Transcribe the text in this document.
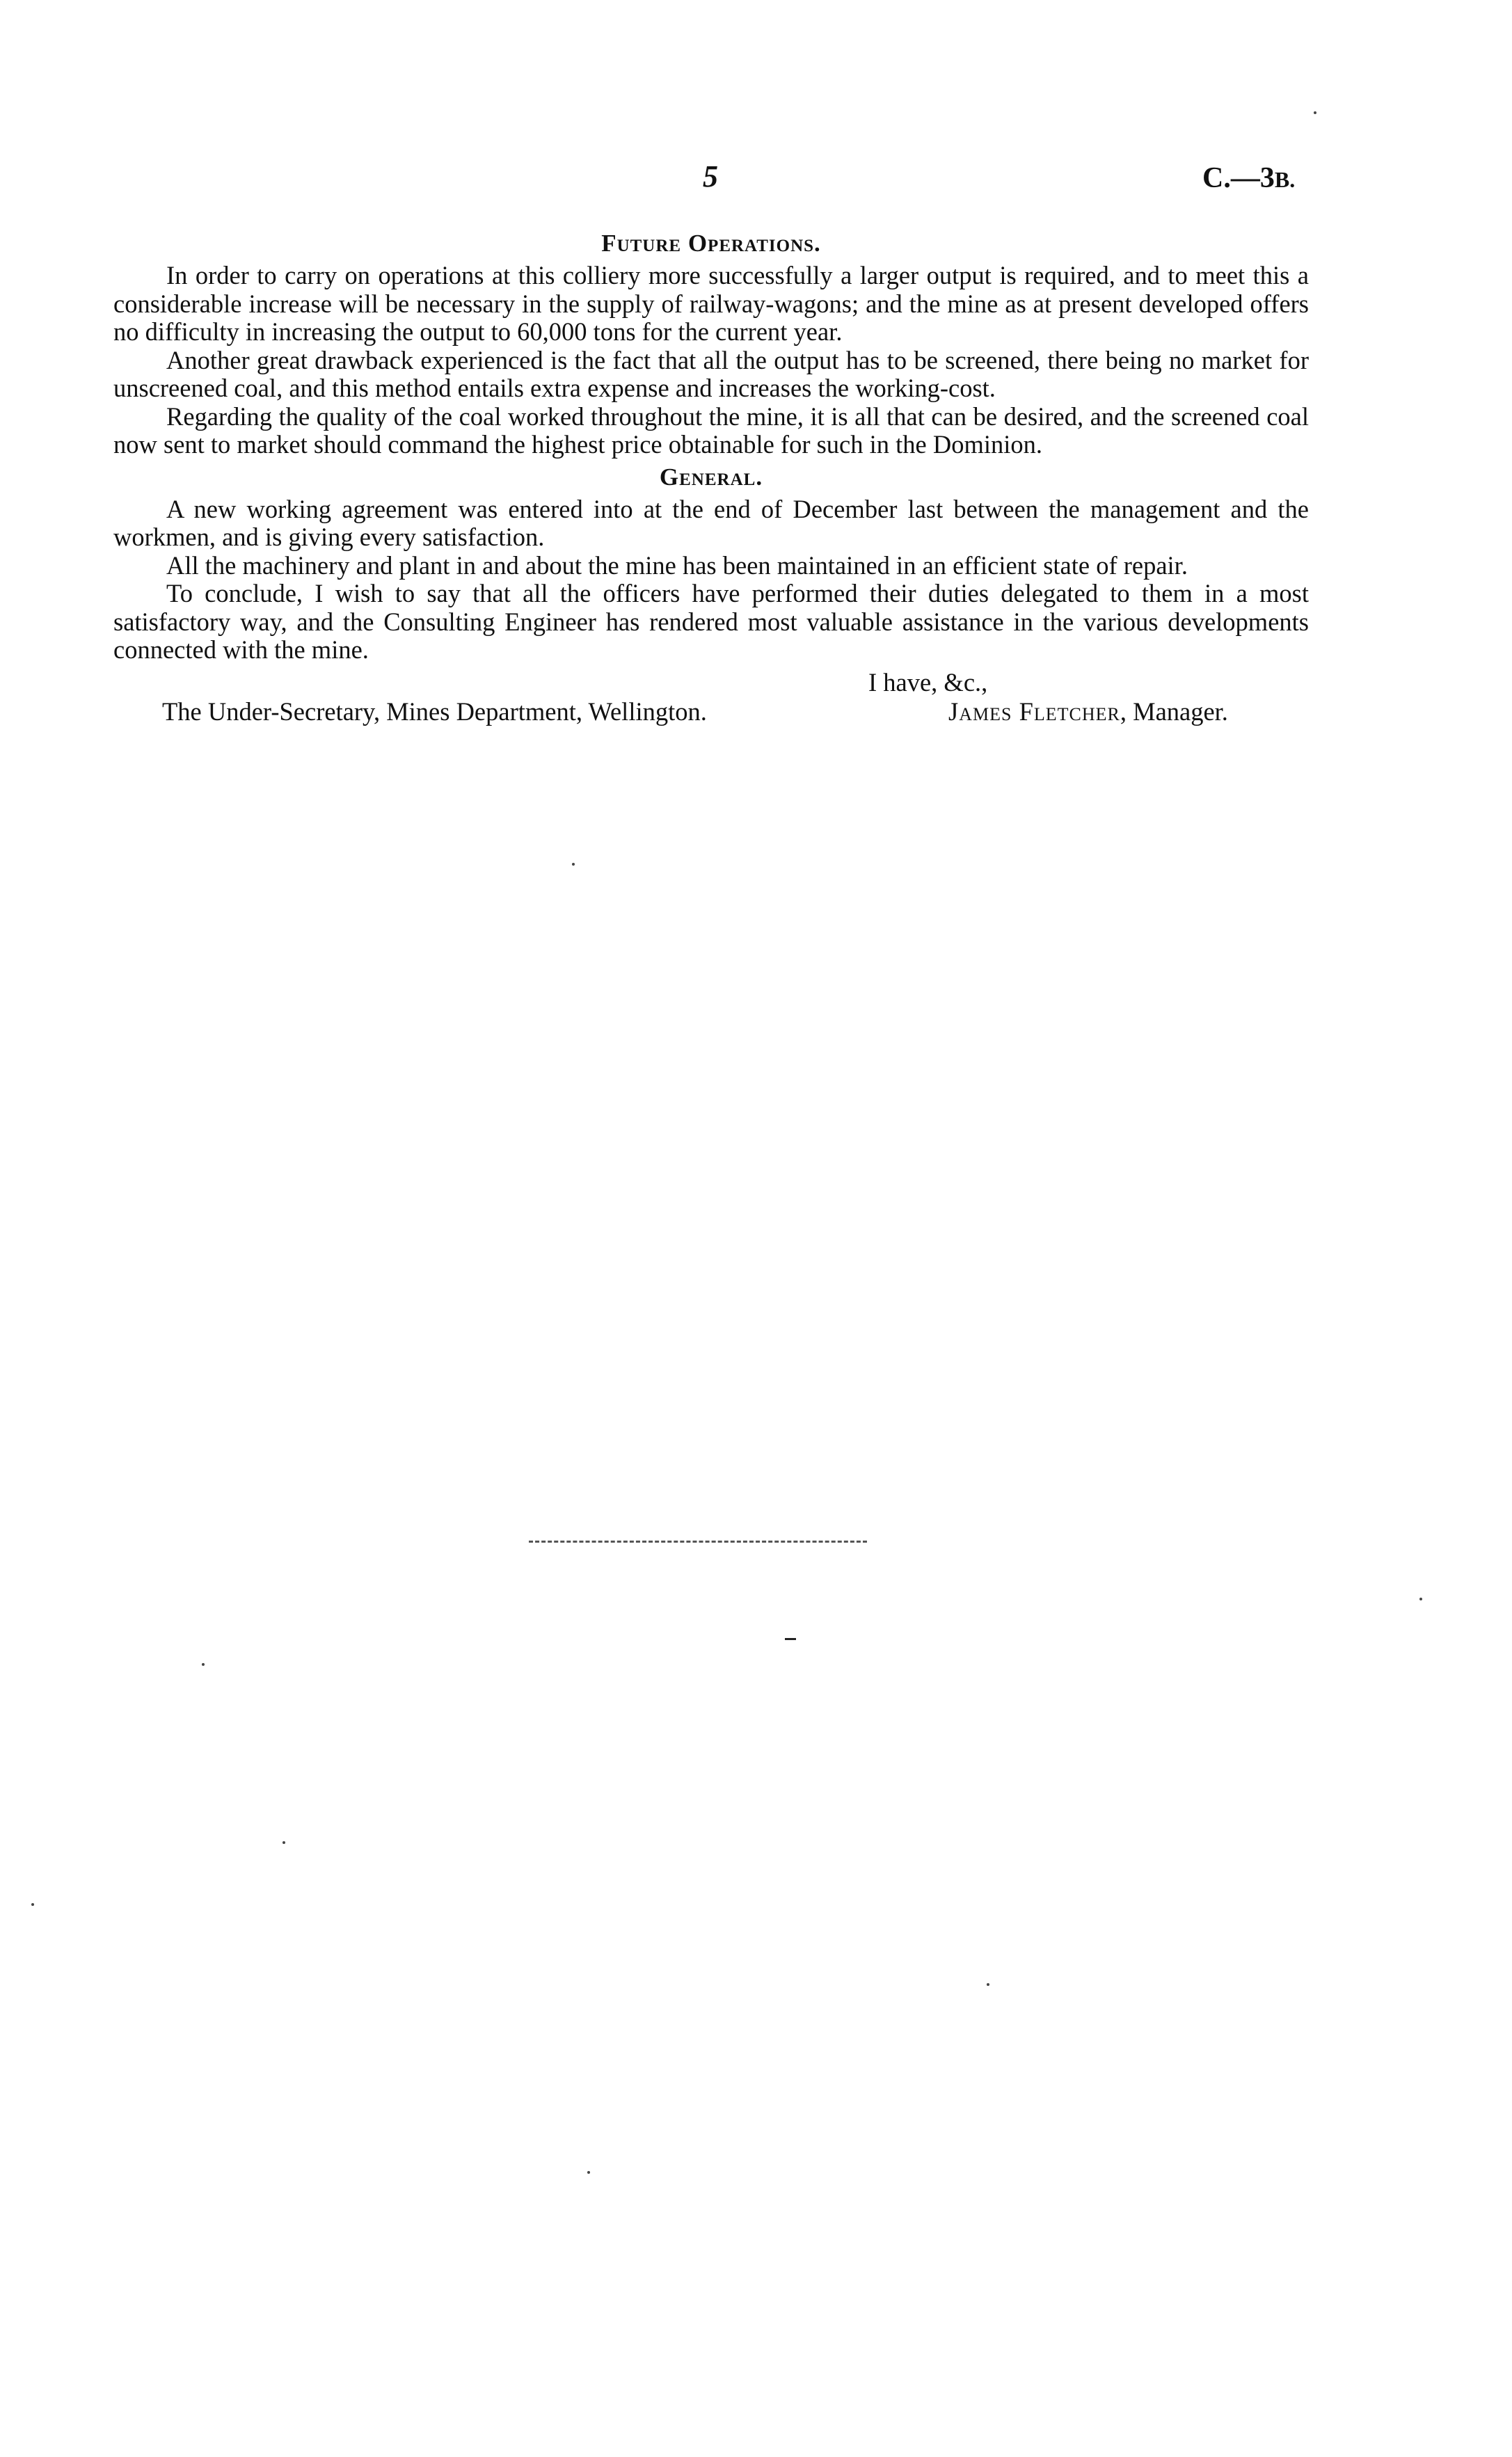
5	C.—3B.
Future Operations.

In order to carry on operations at this colliery more successfully a larger output is required, and to meet this a considerable increase will be necessary in the supply of railway-wagons; and the mine as at present developed offers no difficulty in increasing the output to 60,000 tons for the current year.

Another great drawback experienced is the fact that all the output has to be screened, there being no market for unscreened coal, and this method entails extra expense and increases the working-cost.

Regarding the quality of the coal worked throughout the mine, it is all that can be desired, and the screened coal now sent to market should command the highest price obtainable for such in the Dominion.

General.

A new working agreement was entered into at the end of December last between the management and the workmen, and is giving every satisfaction.

All the machinery and plant in and about the mine has been maintained in an efficient state of repair.

To conclude, I wish to say that all the officers have performed their duties delegated to them in a most satisfactory way, and the Consulting Engineer has rendered most valuable assistance in the various developments connected with the mine.

I have, &c.,
The Under-Secretary, Mines Department, Wellington.	James Fletcher, Manager.
